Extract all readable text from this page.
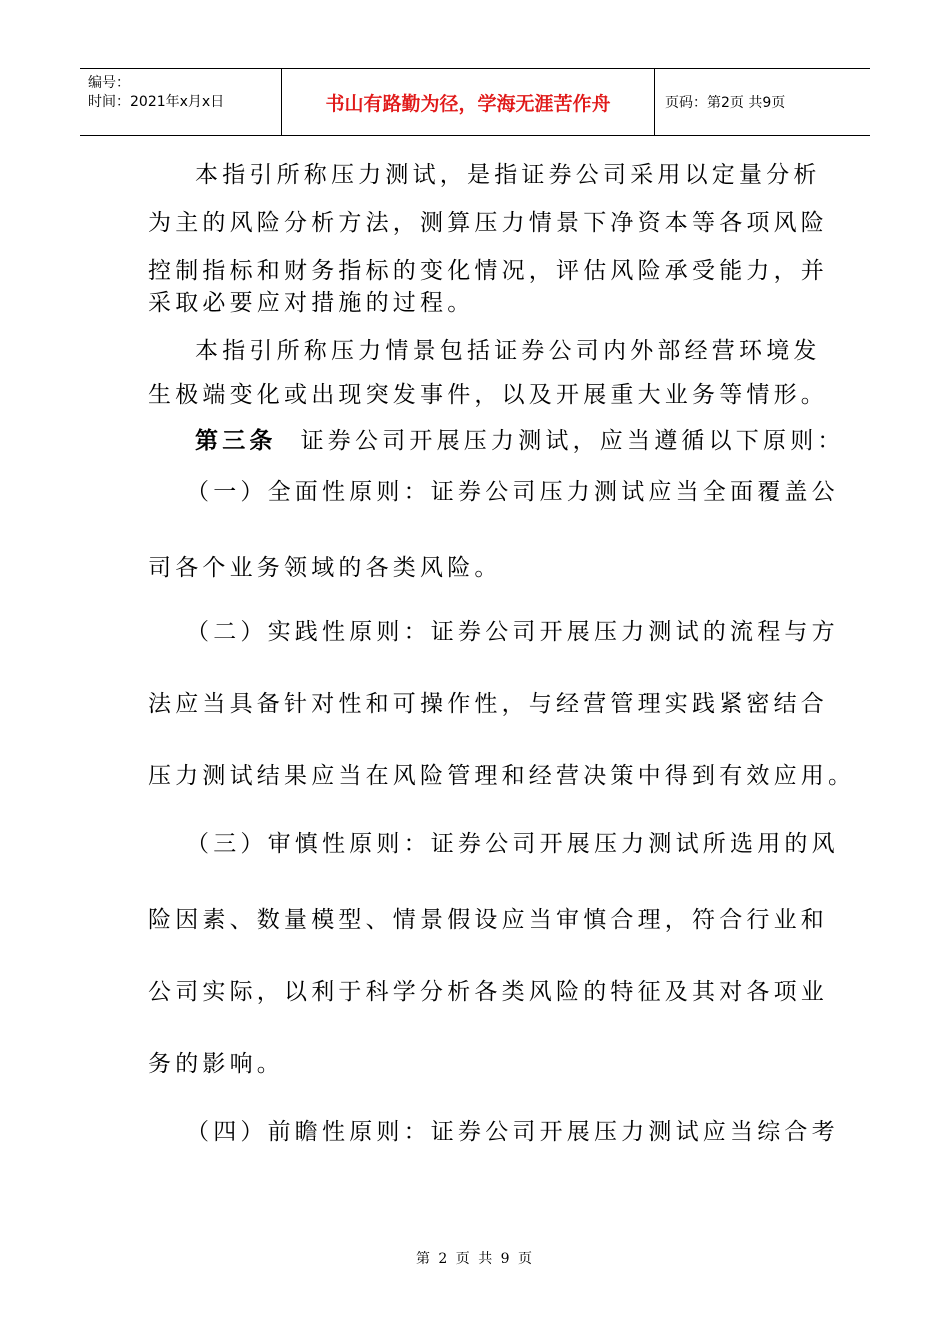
编号：
时间：2021年x月x日	书山有路勤为径，学海无涯苦作舟	页码：第2页 共9页
本指引所称压力测试，是指证券公司采用以定量分析
为主的风险分析方法，测算压力情景下净资本等各项风险
控制指标和财务指标的变化情况，评估风险承受能力，并
采取必要应对措施的过程。
本指引所称压力情景包括证券公司内外部经营环境发
生极端变化或出现突发事件，以及开展重大业务等情形。
第三条 证券公司开展压力测试，应当遵循以下原则：
（一）全面性原则：证券公司压力测试应当全面覆盖公
司各个业务领域的各类风险。
（二）实践性原则：证券公司开展压力测试的流程与方
法应当具备针对性和可操作性，与经营管理实践紧密结合
压力测试结果应当在风险管理和经营决策中得到有效应用。
（三）审慎性原则：证券公司开展压力测试所选用的风
险因素、数量模型、情景假设应当审慎合理，符合行业和
公司实际，以利于科学分析各类风险的特征及其对各项业
务的影响。
（四）前瞻性原则：证券公司开展压力测试应当综合考
第 2 页 共 9 页
